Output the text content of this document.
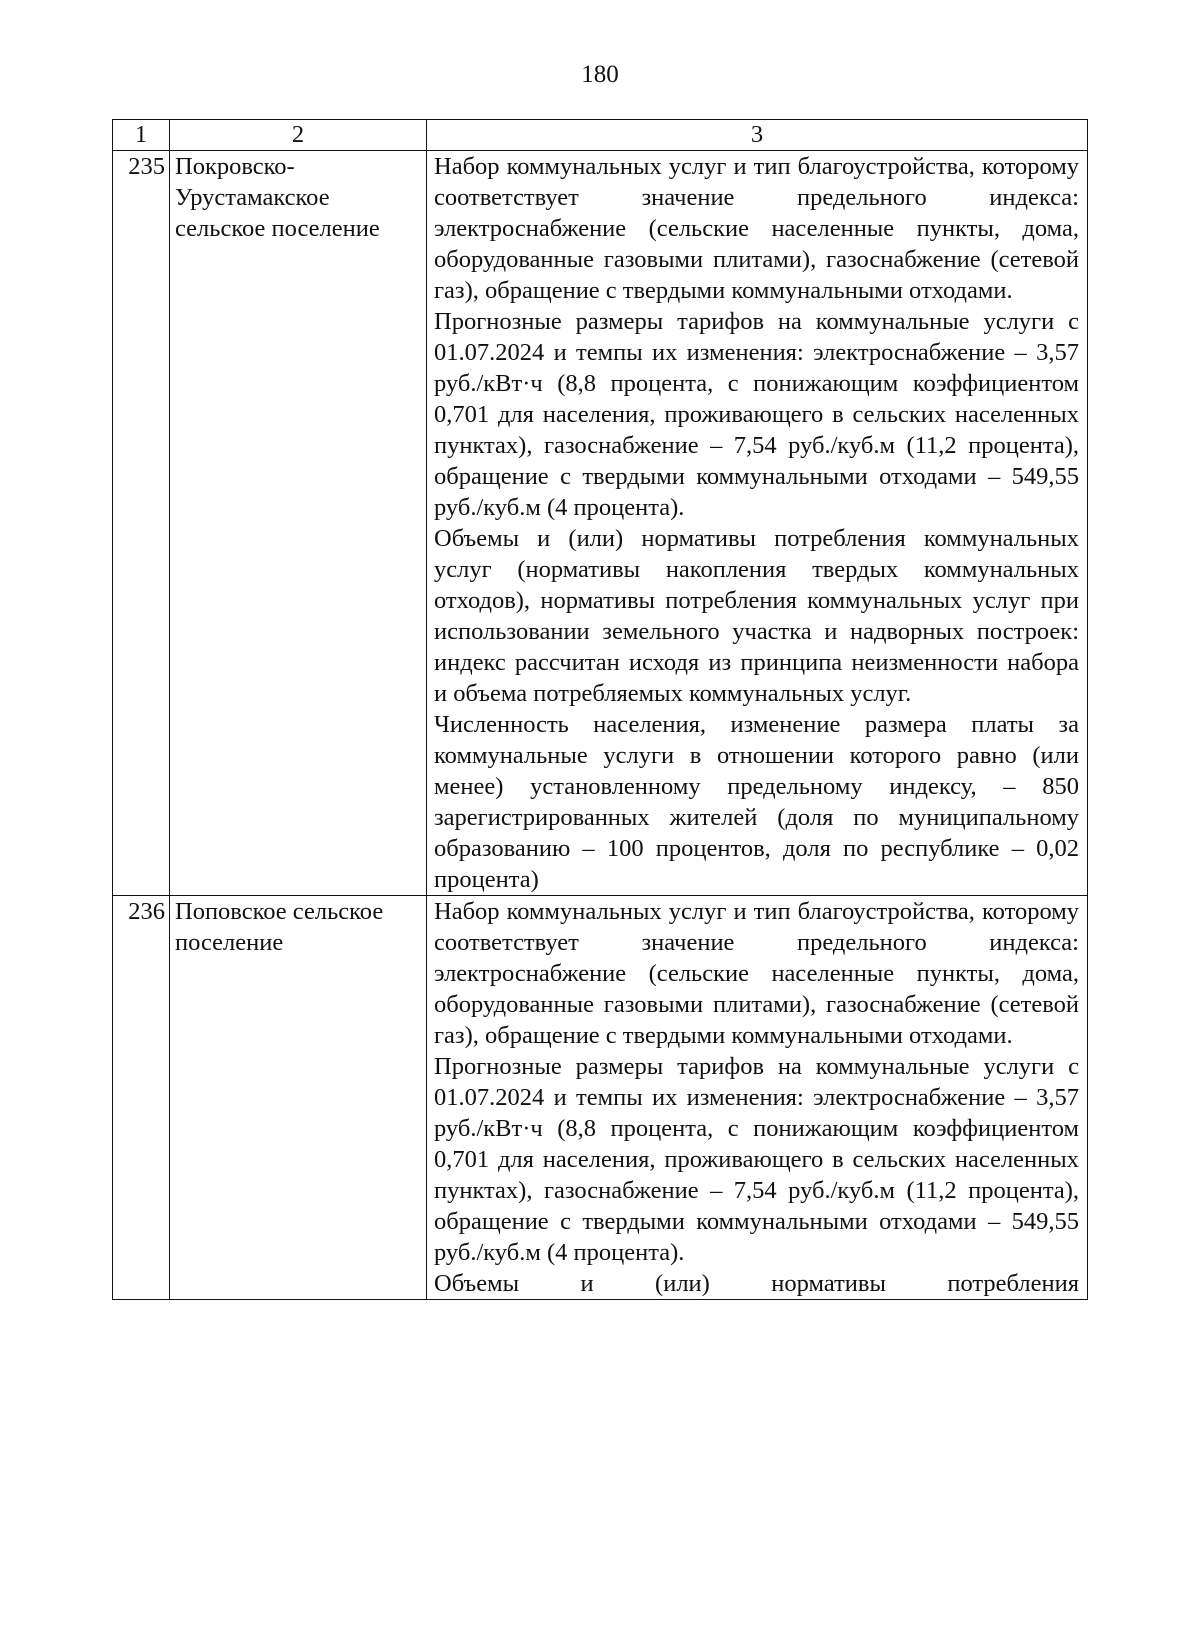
180
1	2	3
235	Покровско-Урустамакское сельское поселение	Набор коммунальных услуг и тип благоустройства, которому соответствует значение предельного индекса: электроснабжение (сельские населенные пункты, дома, оборудованные газовыми плитами), газоснабжение (сетевой газ), обращение с твердыми коммунальными отходами.

Прогнозные размеры тарифов на коммунальные услуги с 01.07.2024 и темпы их изменения: электроснабжение – 3,57 руб./кВт·ч (8,8 процента, с понижающим коэффициентом 0,701 для населения, проживающего в сельских населенных пунктах), газоснабжение – 7,54 руб./куб.м (11,2 процента), обращение с твердыми коммунальными отходами – 549,55 руб./куб.м (4 процента).

Объемы и (или) нормативы потребления коммунальных услуг (нормативы накопления твердых коммунальных отходов), нормативы потребления коммунальных услуг при использовании земельного участка и надворных построек: индекс рассчитан исходя из принципа неизменности набора и объема потребляемых коммунальных услуг.

Численность населения, изменение размера платы за коммунальные услуги в отношении которого равно (или менее) установленному предельному индексу, – 850 зарегистрированных жителей (доля по муниципальному образованию – 100 процентов, доля по республике – 0,02 процента)

236	Поповское сельское поселение	Набор коммунальных услуг и тип благоустройства, которому соответствует значение предельного индекса: электроснабжение (сельские населенные пункты, дома, оборудованные газовыми плитами), газоснабжение (сетевой газ), обращение с твердыми коммунальными отходами.

Прогнозные размеры тарифов на коммунальные услуги с 01.07.2024 и темпы их изменения: электроснабжение – 3,57 руб./кВт·ч (8,8 процента, с понижающим коэффициентом 0,701 для населения, проживающего в сельских населенных пунктах), газоснабжение – 7,54 руб./куб.м (11,2 процента), обращение с твердыми коммунальными отходами – 549,55 руб./куб.м (4 процента).

Объемы и (или) нормативы потребления
